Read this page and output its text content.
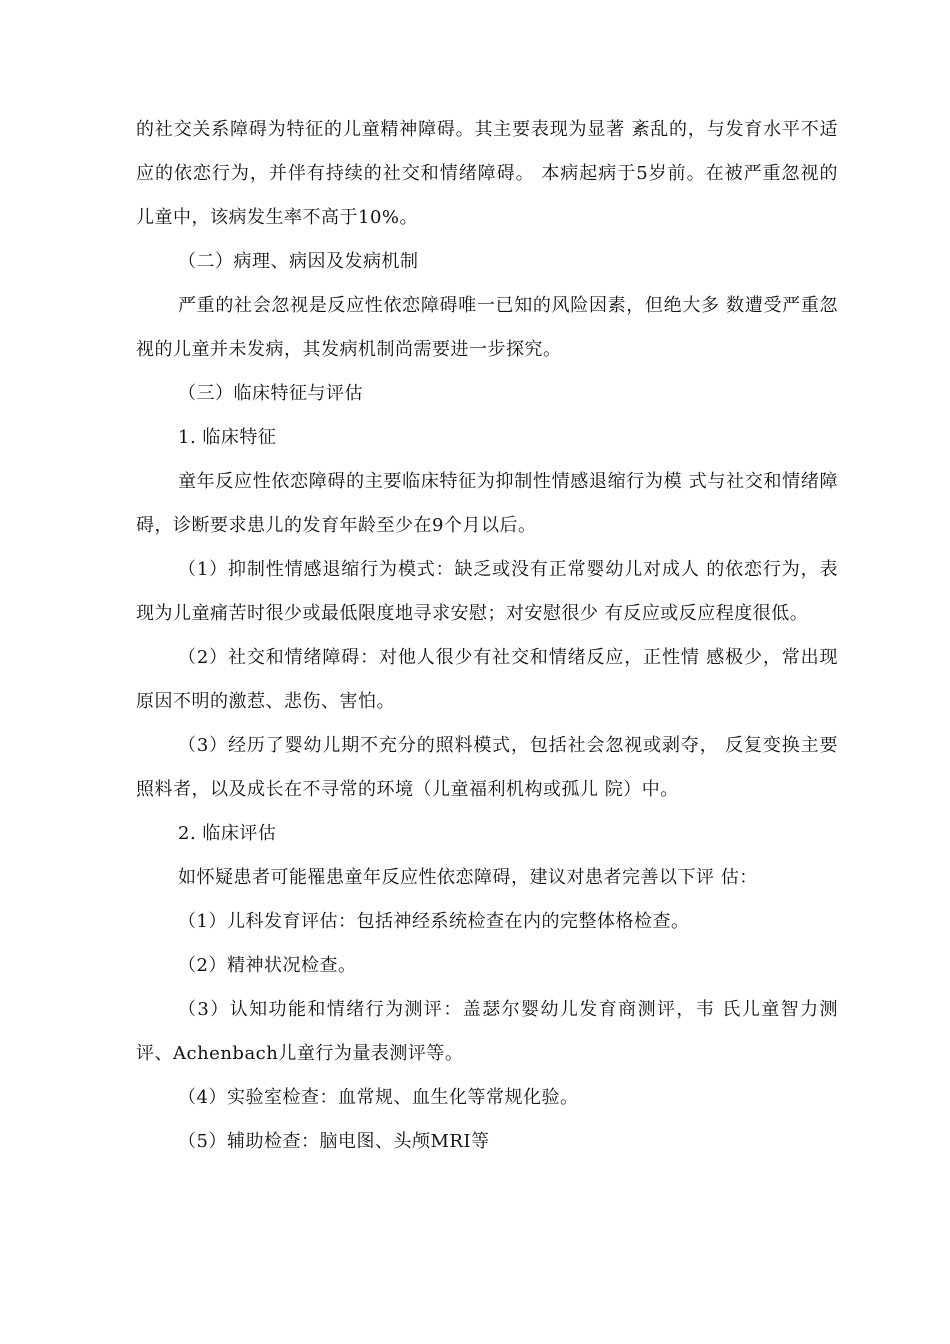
的社交关系障碍为特征的儿童精神障碍。其主要表现为显著 紊乱的，与发育水平不适应的依恋行为，并伴有持续的社交和情绪障碍。 本病起病于5岁前。在被严重忽视的儿童中，该病发生率不高于10%。

（二）病理、病因及发病机制

严重的社会忽视是反应性依恋障碍唯一已知的风险因素，但绝大多 数遭受严重忽视的儿童并未发病，其发病机制尚需要进一步探究。

（三）临床特征与评估

1. 临床特征

童年反应性依恋障碍的主要临床特征为抑制性情感退缩行为模 式与社交和情绪障碍，诊断要求患儿的发育年龄至少在9个月以后。

（1）抑制性情感退缩行为模式：缺乏或没有正常婴幼儿对成人 的依恋行为，表现为儿童痛苦时很少或最低限度地寻求安慰；对安慰很少 有反应或反应程度很低。

（2）社交和情绪障碍：对他人很少有社交和情绪反应，正性情 感极少，常出现原因不明的激惹、悲伤、害怕。

（3）经历了婴幼儿期不充分的照料模式，包括社会忽视或剥夺， 反复变换主要照料者，以及成长在不寻常的环境（儿童福利机构或孤儿 院）中。

2. 临床评估

如怀疑患者可能罹患童年反应性依恋障碍，建议对患者完善以下评 估：

（1）儿科发育评估：包括神经系统检查在内的完整体格检查。

（2）精神状况检查。

（3）认知功能和情绪行为测评：盖瑟尔婴幼儿发育商测评，韦 氏儿童智力测评、Achenbach儿童行为量表测评等。

（4）实验室检查：血常规、血生化等常规化验。

（5）辅助检查：脑电图、头颅MRI等
